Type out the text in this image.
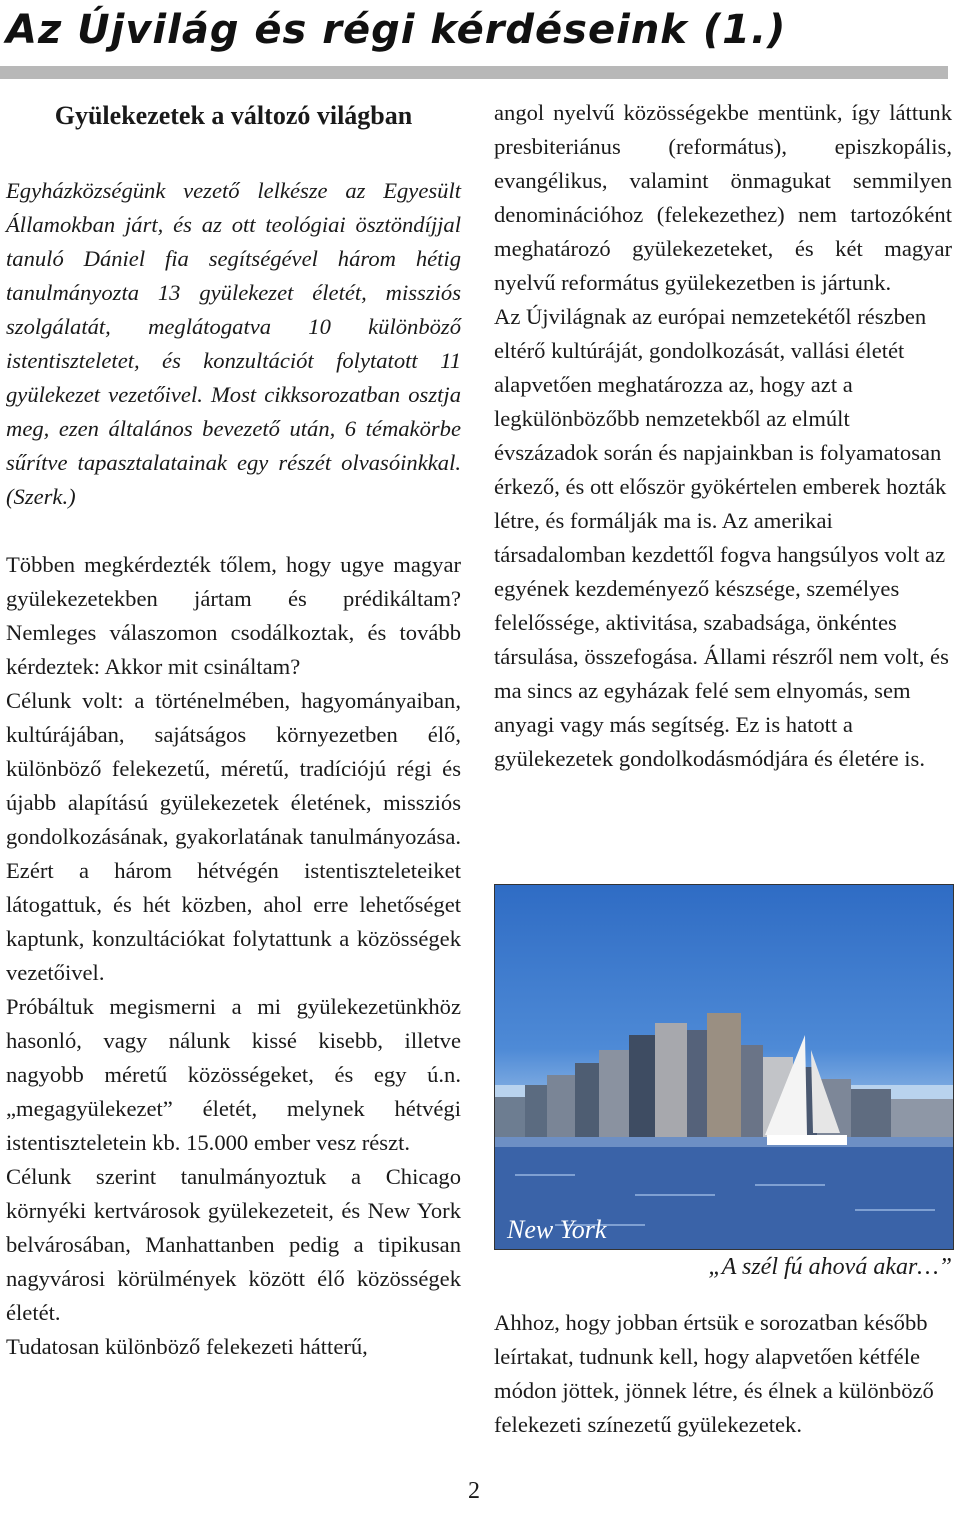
Az Újvilág és régi kérdéseink (1.)
Gyülekezetek a változó világban

Egyházközségünk vezető lelkésze az Egyesült Államokban járt, és az ott teológiai ösztöndíjjal tanuló Dániel fia segítségével három hétig tanulmányozta 13 gyülekezet életét, missziós szolgálatát, meglátogatva 10 különböző istentiszteletet, és konzultációt folytatott 11 gyülekezet vezetőivel. Most cikksorozatban osztja meg, ezen általános bevezető után, 6 témakörbe sűrítve tapasztalatainak egy részét olvasóinkkal. (Szerk.)

Többen megkérdezték tőlem, hogy ugye magyar gyülekezetekben jártam és prédikáltam? Nemleges válaszomon csodálkoztak, és tovább kérdeztek: Akkor mit csináltam?

Célunk volt: a történelmében, hagyományaiban, kultúrájában, sajátságos környezetben élő, különböző felekezetű, méretű, tradíciójú régi és újabb alapítású gyülekezetek életének, missziós gondolkozásának, gyakorlatának tanulmányozása. Ezért a három hétvégén istentiszteleteiket látogattuk, és hét közben, ahol erre lehetőséget kaptunk, konzultációkat folytattunk a közösségek vezetőivel.

Próbáltuk megismerni a mi gyülekezetünkhöz hasonló, vagy nálunk kissé kisebb, illetve nagyobb méretű közösségeket, és egy ú.n. „megagyülekezet” életét, melynek hétvégi istentiszteletein kb. 15.000 ember vesz részt.

Célunk szerint tanulmányoztuk a Chicago környéki kertvárosok gyülekezeteit, és New York belvárosában, Manhattanben pedig a tipikusan nagyvárosi körülmények között élő közösségek életét.

Tudatosan különböző felekezeti hátterű,

angol nyelvű közösségekbe mentünk, így láttunk presbiteriánus (református), episzkopális, evangélikus, valamint önmagukat semmilyen denominációhoz (felekezethez) nem tartozóként meghatározó gyülekezeteket, és két magyar nyelvű református gyülekezetben is jártunk.

Az Újvilágnak az európai nemzetekétől részben eltérő kultúráját, gondolkozását, vallási életét alapvetően meghatározza az, hogy azt a legkülönbözőbb nemzetekből az elmúlt évszázadok során és napjainkban is folyamatosan érkező, és ott először gyökértelen emberek hozták létre, és formálják ma is. Az amerikai társadalomban kezdettől fogva hangsúlyos volt az egyének kezdeményező készsége, személyes felelőssége, aktivitása, szabadsága, önkéntes társulása, összefogása. Állami részről nem volt, és ma sincs az egyházak felé sem elnyomás, sem anyagi vagy más segítség. Ez is hatott a gyülekezetek gondolkodásmódjára és életére is.

New York
„A szél fú ahová akar…”

Ahhoz, hogy jobban értsük e sorozatban később leírtakat, tudnunk kell, hogy alapvetően kétféle módon jöttek, jönnek létre, és élnek a különböző felekezeti színezetű gyülekezetek.

2
